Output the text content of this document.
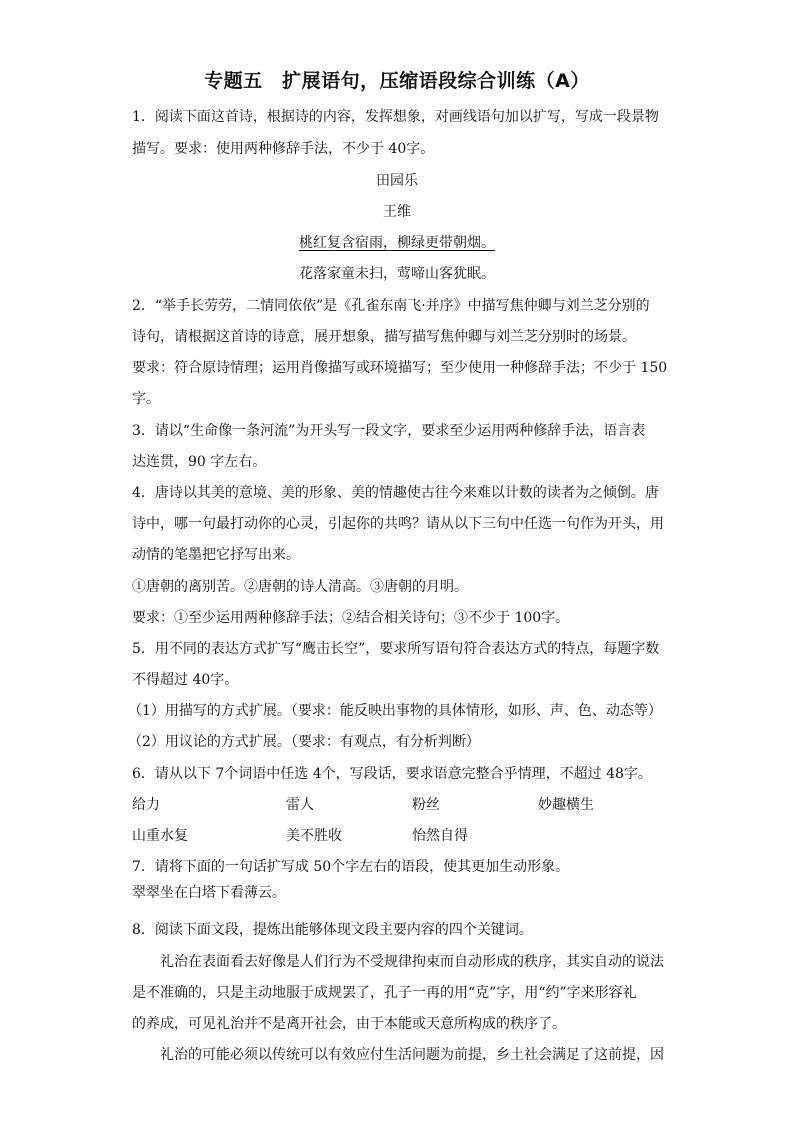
专题五　扩展语句，压缩语段综合训练（A）
1．阅读下面这首诗，根据诗的内容，发挥想象，对画线语句加以扩写，写成一段景物
描写。要求：使用两种修辞手法，不少于 40字。
田园乐
王维
桃红复含宿雨，柳绿更带朝烟。
花落家童未扫，莺啼山客犹眠。
2．“举手长劳劳，二情同依依”是《孔雀东南飞·并序》中描写焦仲卿与刘兰芝分别的
诗句，请根据这首诗的诗意，展开想象，描写描写焦仲卿与刘兰芝分别时的场景。
要求：符合原诗情理；运用肖像描写或环境描写；至少使用一种修辞手法；不少于 150
字。
3．请以“生命像一条河流”为开头写一段文字，要求至少运用两种修辞手法，语言表
达连贯，90 字左右。
4．唐诗以其美的意境、美的形象、美的情趣使古往今来难以计数的读者为之倾倒。唐
诗中，哪一句最打动你的心灵，引起你的共鸣？请从以下三句中任选一句作为开头，用
动情的笔墨把它抒写出来。
①唐朝的离别苦。②唐朝的诗人清高。③唐朝的月明。
要求：①至少运用两种修辞手法；②结合相关诗句；③不少于 100字。
5．用不同的表达方式扩写“鹰击长空”，要求所写语句符合表达方式的特点，每题字数
不得超过 40字。
（1）用描写的方式扩展。（要求：能反映出事物的具体情形，如形、声、色、动态等）
（2）用议论的方式扩展。（要求：有观点，有分析判断）
6．请从以下 7个词语中任选 4个，写段话，要求语意完整合乎情理，不超过 48字。
给力	雷人	粉丝	妙趣横生
山重水复	美不胜收	怡然自得
7．请将下面的一句话扩写成 50个字左右的语段，使其更加生动形象。
翠翠坐在白塔下看薄云。
8．阅读下面文段，提炼出能够体现文段主要内容的四个关键词。
礼治在表面看去好像是人们行为不受规律拘束而自动形成的秩序，其实自动的说法
是不准确的，只是主动地服于成规罢了，孔子一再的用“克”字，用“约”字来形容礼
的养成，可见礼治并不是离开社会，由于本能或天意所构成的秩序了。
礼治的可能必须以传统可以有效应付生活问题为前提，乡土社会满足了这前提，因
